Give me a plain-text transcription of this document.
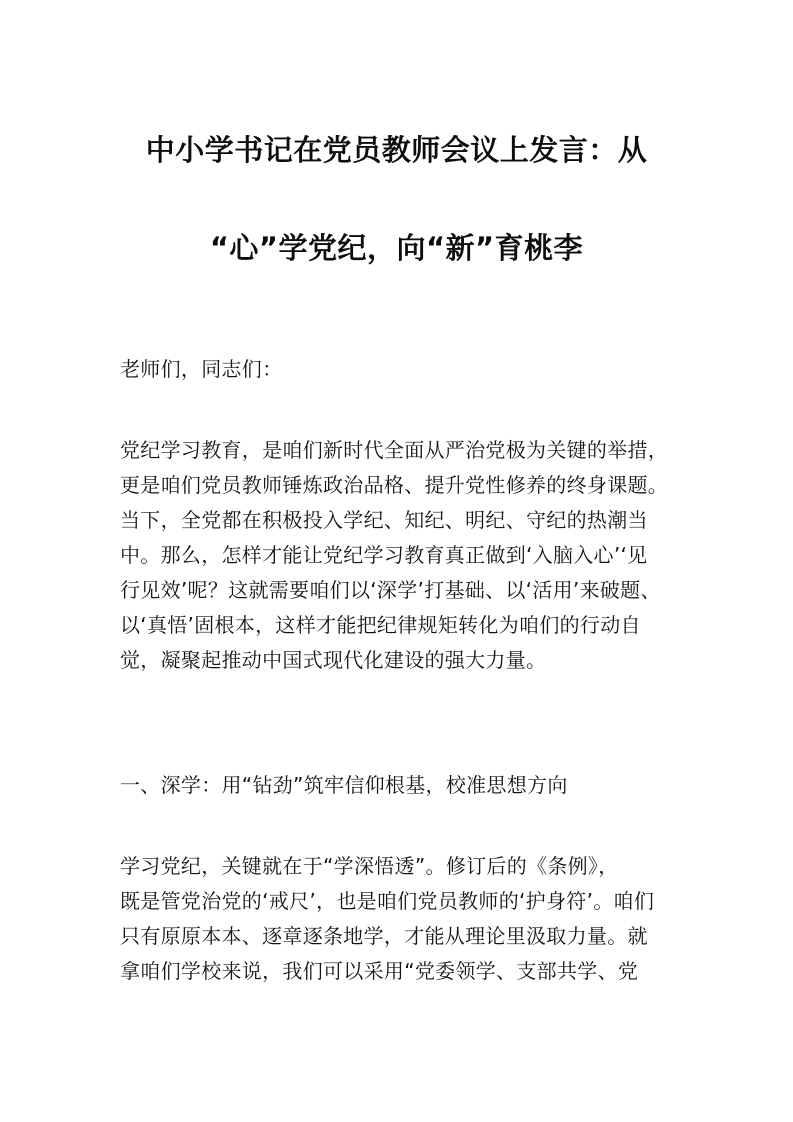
中小学书记在党员教师会议上发言：从
“心”学党纪，向“新”育桃李
老师们，同志们：
党纪学习教育，是咱们新时代全面从严治党极为关键的举措，
更是咱们党员教师锤炼政治品格、提升党性修养的终身课题。
当下，全党都在积极投入学纪、知纪、明纪、守纪的热潮当
中。那么，怎样才能让党纪学习教育真正做到‘入脑入心’‘见
行见效’呢？这就需要咱们以‘深学’打基础、以‘活用’来破题、
以‘真悟’固根本，这样才能把纪律规矩转化为咱们的行动自
觉，凝聚起推动中国式现代化建设的强大力量。
一、深学：用“钻劲”筑牢信仰根基，校准思想方向
学习党纪，关键就在于“学深悟透”。修订后的《条例》，
既是管党治党的‘戒尺’，也是咱们党员教师的‘护身符’。咱们
只有原原本本、逐章逐条地学，才能从理论里汲取力量。就
拿咱们学校来说，我们可以采用“党委领学、支部共学、党
